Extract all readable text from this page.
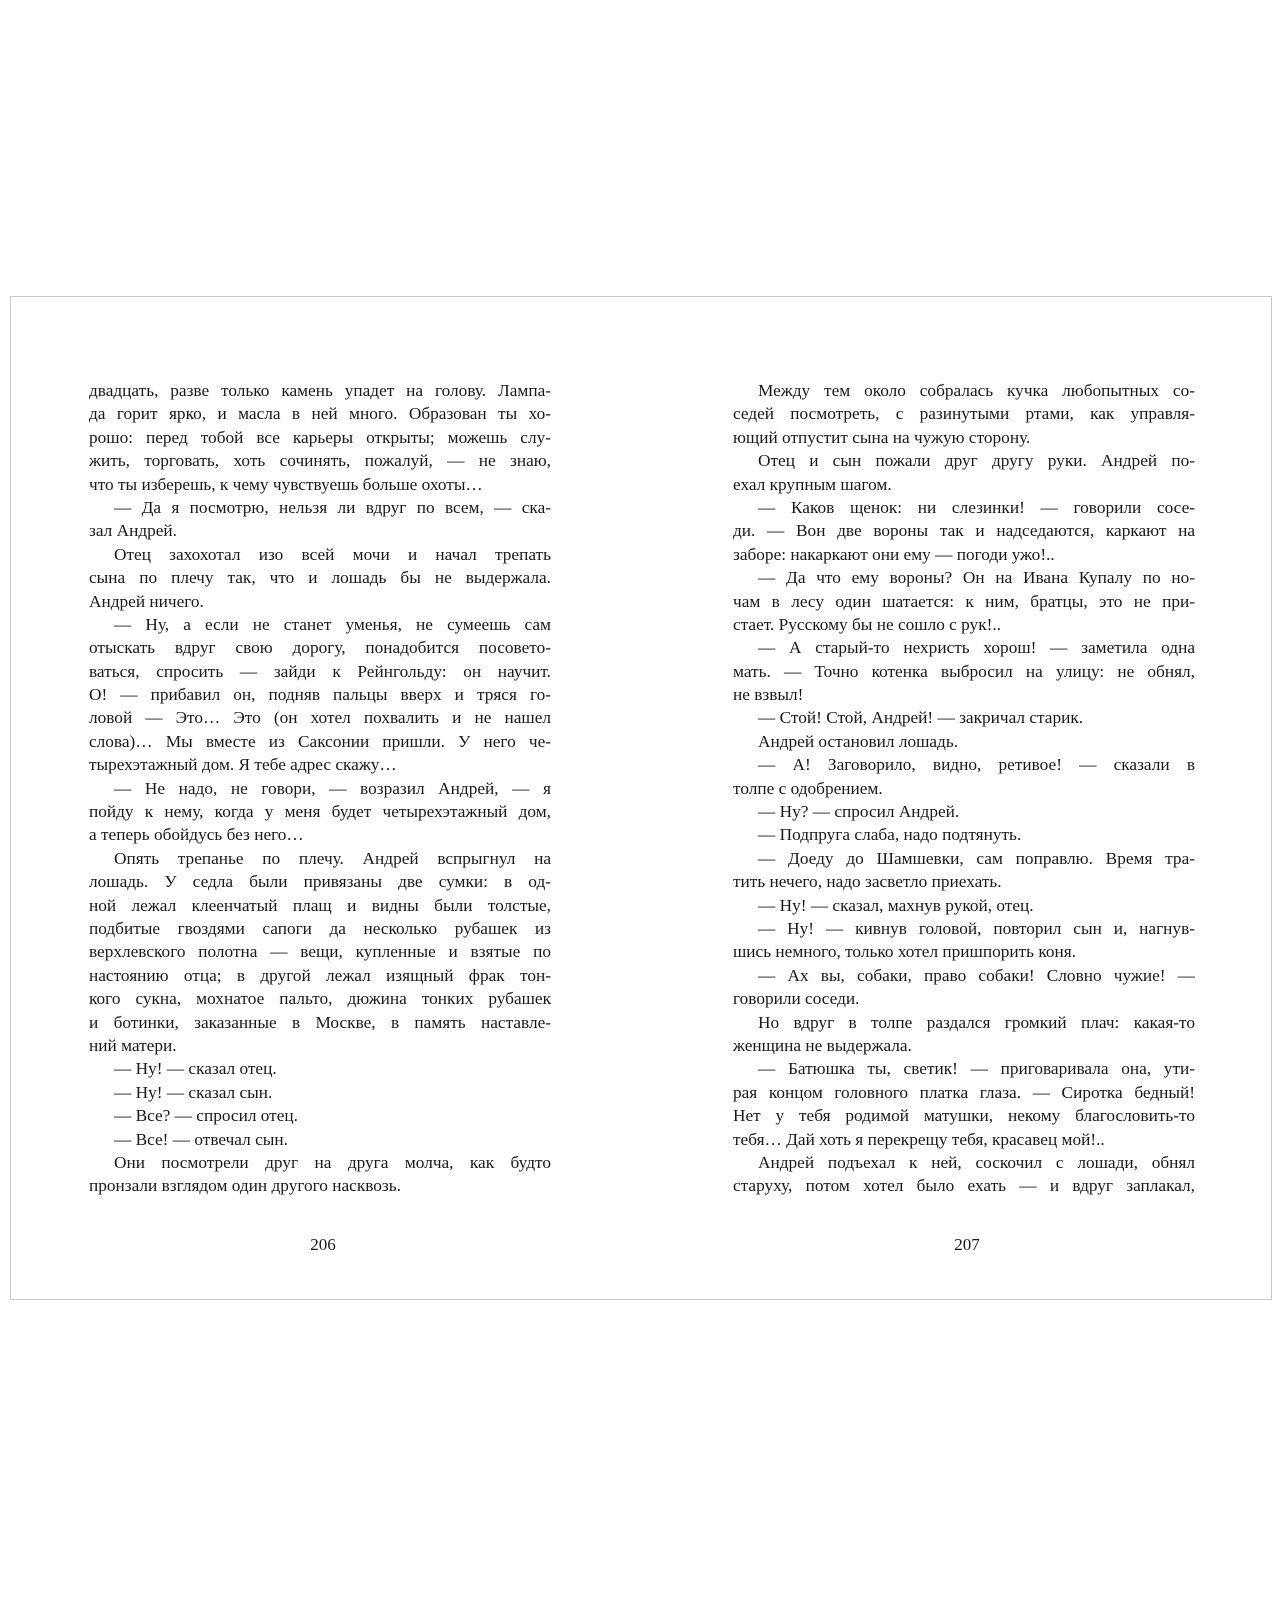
двадцать, разве только камень упадет на голову. Лампа-
да горит ярко, и масла в ней много. Образован ты хо-
рошо: перед тобой все карьеры открыты; можешь слу-
жить, торговать, хоть сочинять, пожалуй, — не знаю,
что ты изберешь, к чему чувствуешь больше охоты…
— Да я посмотрю, нельзя ли вдруг по всем, — ска-
зал Андрей.
Отец захохотал изо всей мочи и начал трепать
сына по плечу так, что и лошадь бы не выдержала.
Андрей ничего.
— Ну, а если не станет уменья, не сумеешь сам
отыскать вдруг свою дорогу, понадобится посовето-
ваться, спросить — зайди к Рейнгольду: он научит.
О! — прибавил он, подняв пальцы вверх и тряся го-
ловой — Это… Это (он хотел похвалить и не нашел
слова)… Мы вместе из Саксонии пришли. У него че-
тырехэтажный дом. Я тебе адрес скажу…
— Не надо, не говори, — возразил Андрей, — я
пойду к нему, когда у меня будет четырехэтажный дом,
а теперь обойдусь без него…
Опять трепанье по плечу. Андрей вспрыгнул на
лошадь. У седла были привязаны две сумки: в од-
ной лежал клеенчатый плащ и видны были толстые,
подбитые гвоздями сапоги да несколько рубашек из
верхлевского полотна — вещи, купленные и взятые по
настоянию отца; в другой лежал изящный фрак тон-
кого сукна, мохнатое пальто, дюжина тонких рубашек
и ботинки, заказанные в Москве, в память наставле-
ний матери.
— Ну! — сказал отец.
— Ну! — сказал сын.
— Все? — спросил отец.
— Все! — отвечал сын.
Они посмотрели друг на друга молча, как будто
пронзали взглядом один другого насквозь.
Между тем около собралась кучка любопытных со-
седей посмотреть, с разинутыми ртами, как управля-
ющий отпустит сына на чужую сторону.
Отец и сын пожали друг другу руки. Андрей по-
ехал крупным шагом.
— Каков щенок: ни слезинки! — говорили сосе-
ди. — Вон две вороны так и надседаются, каркают на
заборе: накаркают они ему — погоди ужо!..
— Да что ему вороны? Он на Ивана Купалу по но-
чам в лесу один шатается: к ним, братцы, это не при-
стает. Русскому бы не сошло с рук!..
— А старый-то нехристь хорош! — заметила одна
мать. — Точно котенка выбросил на улицу: не обнял,
не взвыл!
— Стой! Стой, Андрей! — закричал старик.
Андрей остановил лошадь.
— А! Заговорило, видно, ретивое! — сказали в
толпе с одобрением.
— Ну? — спросил Андрей.
— Подпруга слаба, надо подтянуть.
— Доеду до Шамшевки, сам поправлю. Время тра-
тить нечего, надо засветло приехать.
— Ну! — сказал, махнув рукой, отец.
— Ну! — кивнув головой, повторил сын и, нагнув-
шись немного, только хотел пришпорить коня.
— Ах вы, собаки, право собаки! Словно чужие! —
говорили соседи.
Но вдруг в толпе раздался громкий плач: какая-то
женщина не выдержала.
— Батюшка ты, светик! — приговаривала она, ути-
рая концом головного платка глаза. — Сиротка бедный!
Нет у тебя родимой матушки, некому благословить-то
тебя… Дай хоть я перекрещу тебя, красавец мой!..
Андрей подъехал к ней, соскочил с лошади, обнял
старуху, потом хотел было ехать — и вдруг заплакал,
206	207
